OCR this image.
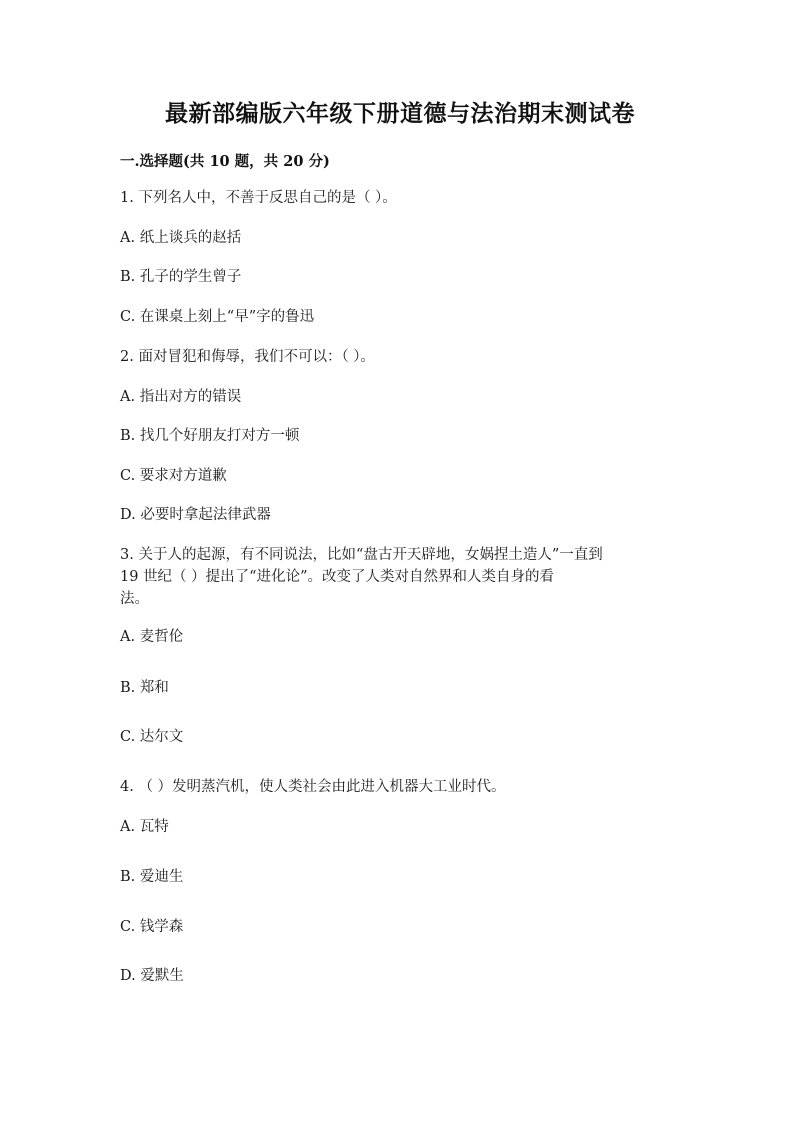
最新部编版六年级下册道德与法治期末测试卷
一.选择题(共 10 题，共 20 分)
1. 下列名人中，不善于反思自己的是（ ）。
A. 纸上谈兵的赵括
B. 孔子的学生曾子
C. 在课桌上刻上“早”字的鲁迅
2. 面对冒犯和侮辱，我们不可以：（ ）。
A. 指出对方的错误
B. 找几个好朋友打对方一顿
C. 要求对方道歉
D. 必要时拿起法律武器
3. 关于人的起源，有不同说法，比如“盘古开天辟地，女娲捏土造人”一直到
19 世纪（ ）提出了“进化论”。改变了人类对自然界和人类自身的看
法。
A. 麦哲伦
B. 郑和
C. 达尔文
4. （ ）发明蒸汽机，使人类社会由此进入机器大工业时代。
A. 瓦特
B. 爱迪生
C. 钱学森
D. 爱默生
